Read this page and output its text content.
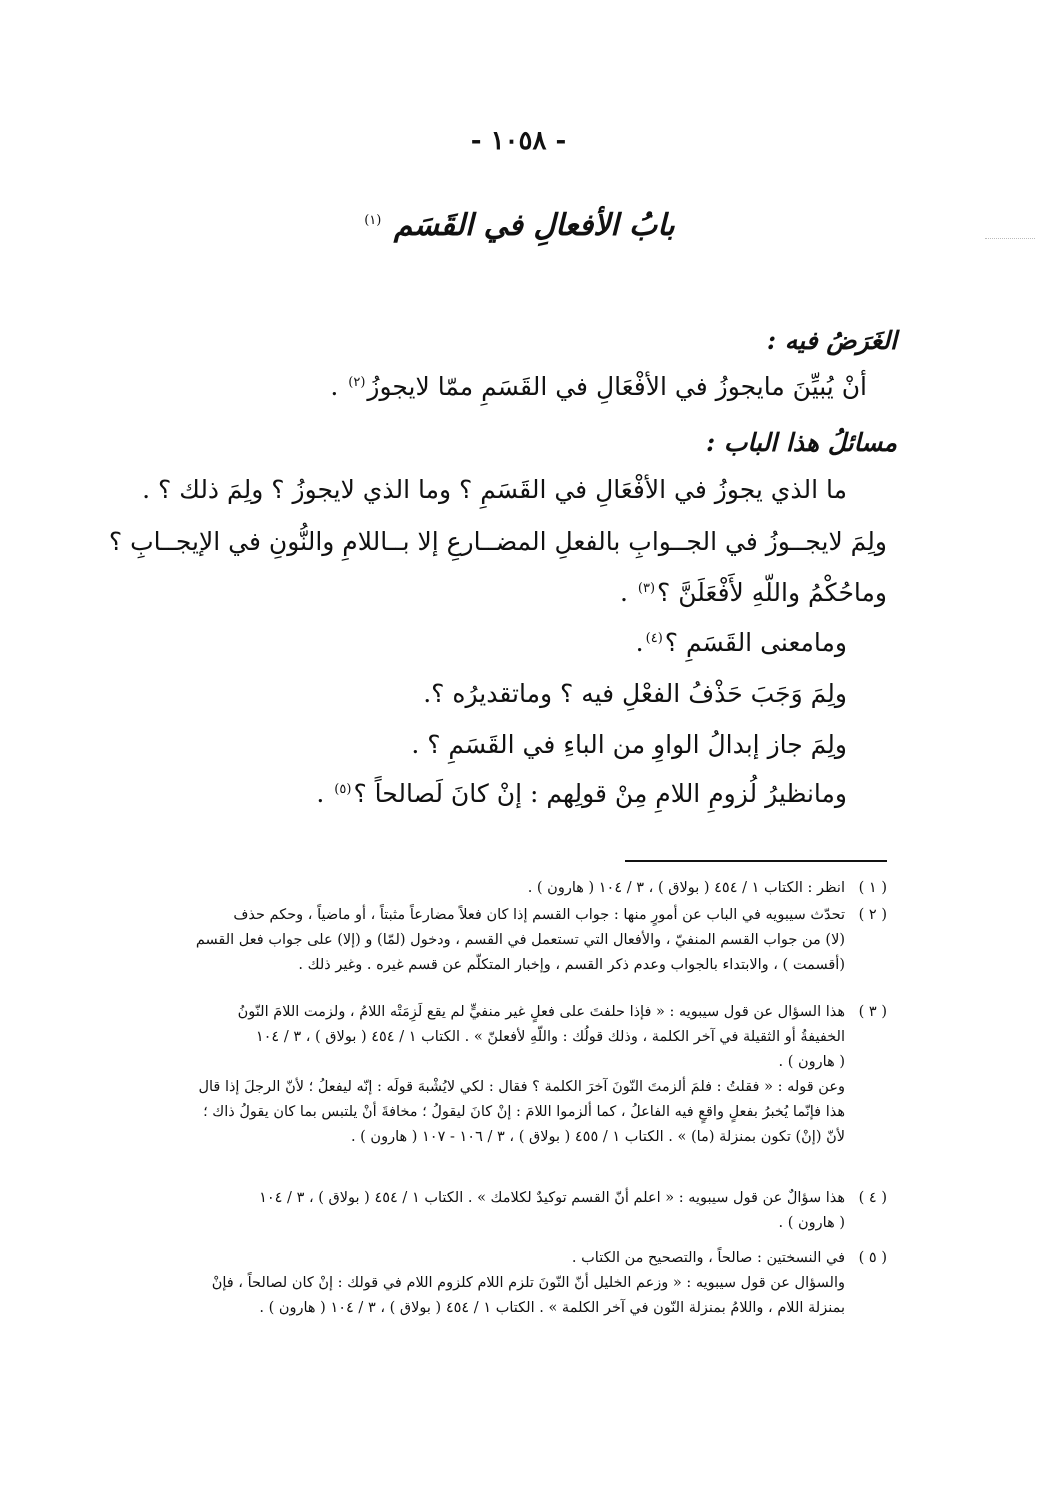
- ١٠٥٨ -
بابُ الأفعالِ في القَسَم $^{(١)}$
الغَرَضُ فيه :
أنْ يُبيِّنَ مايجوزُ في الأفْعَالِ في القَسَمِ ممّا لايجوزُ$^{(٢)}$ .
مسائلُ هذا الباب :
ما الذي يجوزُ في الأفْعَالِ في القَسَمِ ؟ وما الذي لايجوزُ ؟ ولِمَ ذلك ؟ .
ولِمَ لايجــوزُ في الجــوابِ بالفعلِ المضــارعِ إلا بــاللامِ والنُّونِ في الإيجــابِ ؟
وماحُكْمُ واللّهِ لأَفْعَلَنَّ ؟$^{(٣)}$ .
ومامعنى القَسَمِ ؟$^{(٤)}$.
ولِمَ وَجَبَ حَذْفُ الفعْلِ فيه ؟ وماتقديرُه ؟.
ولِمَ جاز إبدالُ الواوِ من الباءِ في القَسَمِ ؟ .
ومانظيرُ لُزومِ اللامِ مِنْ قولِهم : إنْ كانَ لَصالحاً ؟$^{(٥)}$ .
( ١ )
انظر : الكتاب ١ / ٤٥٤ ( بولاق ) ، ٣ / ١٠٤ ( هارون ) .
( ٢ )
تحدّث سيبويه في الباب عن أمورٍ منها : جواب القسم إذا كان فعلاً مضارعاً مثبتاً ، أو ماضياً ، وحكم حذف
(لا) من جواب القسم المنفيّ ، والأفعال التي تستعمل في القسم ، ودخول (لمّا) و (إلا) على جواب فعل القسم
(أقسمت ) ، والابتداء بالجواب وعدم ذكر القسم ، وإخبار المتكلّم عن قسم غيره . وغير ذلك .
( ٣ )
هذا السؤال عن قول سيبويه : « فإذا حلفتَ على فعلٍ غير منفيٍّ لم يقع لَزِمَتْه اللامُ ، ولزمت اللامَ النّونُ
الخفيفةُ أو الثقيلة في آخر الكلمة ، وذلك قولُك : واللّهِ لأفعلنّ » . الكتاب ١ / ٤٥٤ ( بولاق ) ، ٣ / ١٠٤
( هارون ) .
وعن قوله : « فقلتُ : فلمَ ألزمتَ النّونَ آخرَ الكلمة ؟ فقال : لكي لايُشْبهَ قولَه : إنّه ليفعلُ ؛ لأنّ الرجلَ إذا قال
هذا فإنّما يُخبرُ بفعلٍ واقعٍ فيه الفاعلُ ، كما ألزموا اللامَ : إنْ كانَ ليقولُ ؛ مخافةَ أنْ يلتبس بما كان يقولُ ذاك ؛
لأنّ (إنْ) تكون بمنزلة (ما) » . الكتاب ١ / ٤٥٥ ( بولاق ) ، ٣ / ١٠٦ - ١٠٧ ( هارون ) .
( ٤ )
هذا سؤالٌ عن قول سيبويه : « اعلم أنّ القسم توكيدٌ لكلامك » . الكتاب ١ / ٤٥٤ ( بولاق ) ، ٣ / ١٠٤
( هارون ) .
( ٥ )
في النسختين : صالحاً ، والتصحيح من الكتاب .
والسؤال عن قول سيبويه : « وزعم الخليل أنّ النّونَ تلزم اللام كلزوم اللام في قولك : إنْ كان لصالحاً ، فإنْ
بمنزلة اللام ، واللامُ بمنزلة النّون في آخر الكلمة » . الكتاب ١ / ٤٥٤ ( بولاق ) ، ٣ / ١٠٤ ( هارون ) .
